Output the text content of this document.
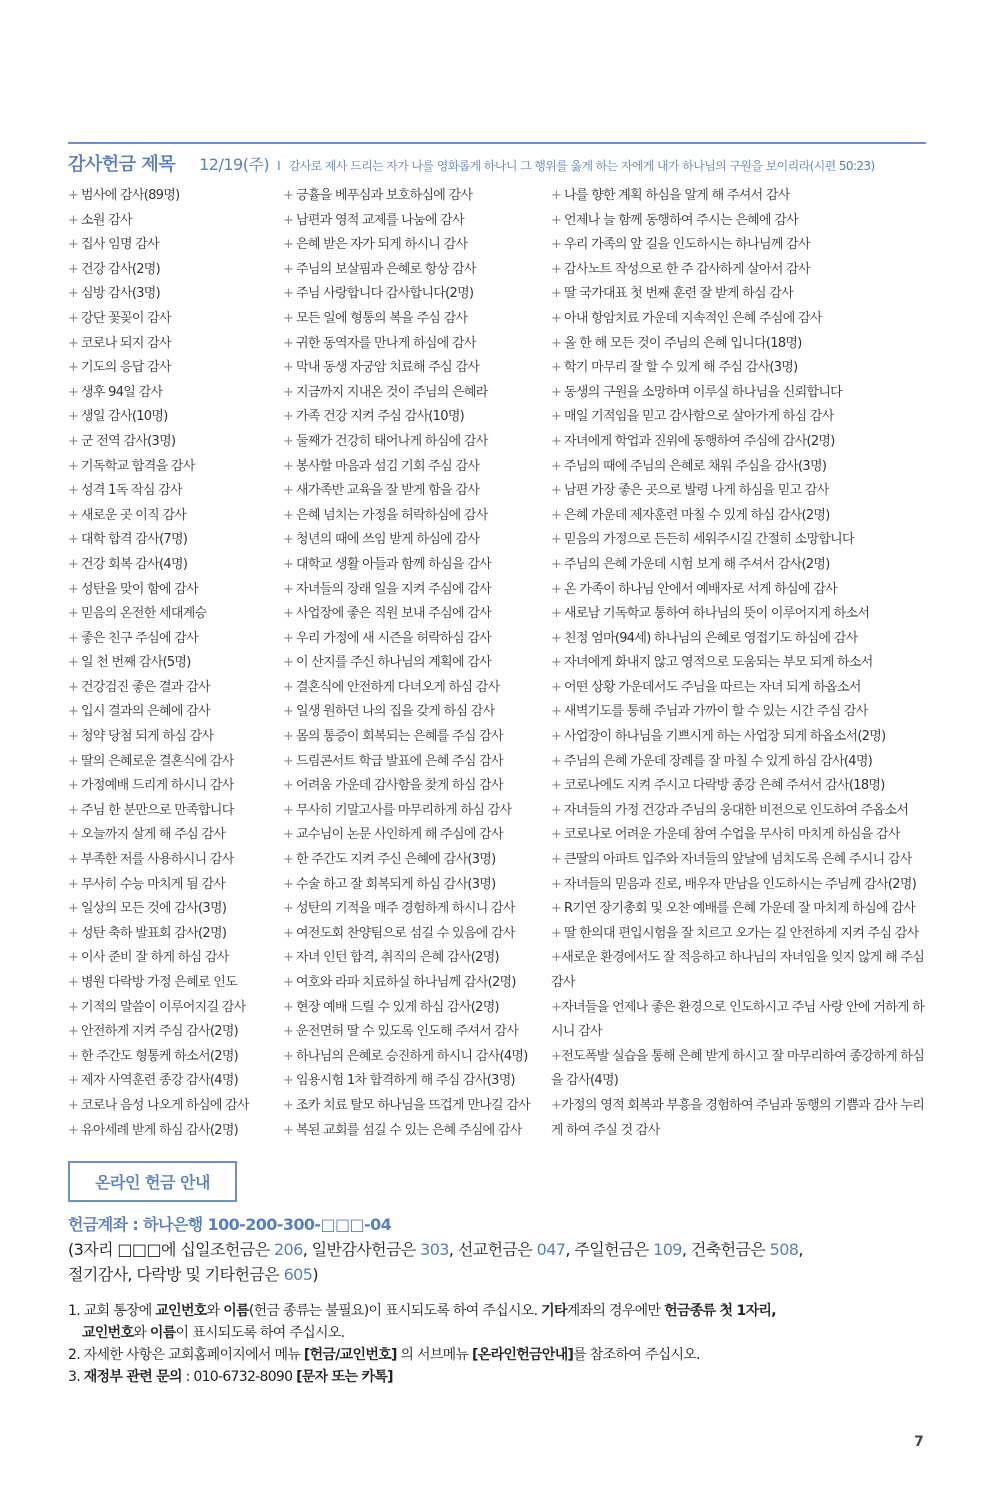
감사헌금 제목 12/19(주) I 감사로 제사 드리는 자가 나를 영화롭게 하나니 그 행위를 옳게 하는 자에게 내가 하나님의 구원을 보이리라(시편 50:23)
+ 범사에 감사(89명)
+ 소원 감사
+ 집사 임명 감사
+ 건강 감사(2명)
+ 심방 감사(3명)
+ 강단 꽃꽂이 감사
+ 코로나 되지 감사
+ 기도의 응답 감사
+ 생후 94일 감사
+ 생일 감사(10명)
+ 군 전역 감사(3명)
+ 기독학교 합격을 감사
+ 성격 1독 작심 감사
+ 새로운 곳 이직 감사
+ 대학 합격 감사(7명)
+ 건강 회복 감사(4명)
+ 성탄을 맞이 함에 감사
+ 믿음의 온전한 세대계승
+ 좋은 친구 주심에 감사
+ 일 천 번째 감사(5명)
+ 건강검진 좋은 결과 감사
+ 입시 결과의 은혜에 감사
+ 청약 당첨 되게 하심 감사
+ 딸의 은혜로운 결혼식에 감사
+ 가정예배 드리게 하시니 감사
+ 주님 한 분만으로 만족합니다
+ 오늘까지 살게 해 주심 감사
+ 부족한 저를 사용하시니 감사
+ 무사히 수능 마치게 됨 감사
+ 일상의 모든 것에 감사(3명)
+ 성탄 축하 발표회 감사(2명)
+ 이사 준비 잘 하게 하심 감사
+ 병원 다락방 가정 은혜로 인도
+ 기적의 말씀이 이루어지길 감사
+ 안전하게 지켜 주심 감사(2명)
+ 한 주간도 형통케 하소서(2명)
+ 제자 사역훈련 종강 감사(4명)
+ 코로나 음성 나오게 하심에 감사
+ 유아세례 받게 하심 감사(2명)
+ 긍휼을 베푸심과 보호하심에 감사
+ 남편과 영적 교제를 나눔에 감사
+ 은혜 받은 자가 되게 하시니 감사
+ 주님의 보살핌과 은혜로 항상 감사
+ 주님 사랑합니다 감사합니다(2명)
+ 모든 일에 형통의 복을 주심 감사
+ 귀한 동역자를 만나게 하심에 감사
+ 막내 동생 자궁암 치료해 주심 감사
+ 지금까지 지내온 것이 주님의 은혜라
+ 가족 건강 지켜 주심 감사(10명)
+ 둘째가 건강히 태어나게 하심에 감사
+ 봉사할 마음과 섬김 기회 주심 감사
+ 새가족반 교육을 잘 받게 함을 감사
+ 은혜 넘치는 가정을 허락하심에 감사
+ 청년의 때에 쓰임 받게 하심에 감사
+ 대학교 생활 아들과 함께 하심을 감사
+ 자녀들의 장래 일을 지켜 주심에 감사
+ 사업장에 좋은 직원 보내 주심에 감사
+ 우리 가정에 새 시즌을 허락하심 감사
+ 이 산지를 주신 하나님의 계획에 감사
+ 결혼식에 안전하게 다녀오게 하심 감사
+ 일생 원하던 나의 집을 갖게 하심 감사
+ 몸의 통증이 회복되는 은혜를 주심 감사
+ 드림콘서트 학급 발표에 은혜 주심 감사
+ 어려움 가운데 감사함을 찾게 하심 감사
+ 무사히 기말고사를 마무리하게 하심 감사
+ 교수님이 논문 사인하게 해 주심에 감사
+ 한 주간도 지켜 주신 은혜에 감사(3명)
+ 수술 하고 잘 회복되게 하심 감사(3명)
+ 성탄의 기적을 매주 경험하게 하시니 감사
+ 여전도회 찬양팀으로 섬길 수 있음에 감사
+ 자녀 인턴 합격, 취직의 은혜 감사(2명)
+ 여호와 라파 치료하실 하나님께 감사(2명)
+ 현장 예배 드릴 수 있게 하심 감사(2명)
+ 운전면허 딸 수 있도록 인도해 주셔서 감사
+ 하나님의 은혜로 승진하게 하시니 감사(4명)
+ 임용시험 1차 합격하게 해 주심 감사(3명)
+ 조카 치료 탈모 하나님을 뜨겁게 만나길 감사
+ 복된 교회를 섬길 수 있는 은혜 주심에 감사
+ 나를 향한 계획 하심을 알게 해 주셔서 감사
+ 언제나 늘 함께 동행하여 주시는 은혜에 감사
+ 우리 가족의 앞 길을 인도하시는 하나님께 감사
+ 감사노트 작성으로 한 주 감사하게 살아서 감사
+ 딸 국가대표 첫 번째 훈련 잘 받게 하심 감사
+ 아내 항암치료 가운데 지속적인 은혜 주심에 감사
+ 올 한 해 모든 것이 주님의 은혜 입니다(18명)
+ 학기 마무리 잘 할 수 있게 해 주심 감사(3명)
+ 동생의 구원을 소망하며 이루실 하나님을 신뢰합니다
+ 매일 기적임을 믿고 감사함으로 살아가게 하심 감사
+ 자녀에게 학업과 진위에 동행하여 주심에 감사(2명)
+ 주님의 때에 주님의 은혜로 채워 주심을 감사(3명)
+ 남편 가장 좋은 곳으로 발령 나게 하심을 믿고 감사
+ 은혜 가운데 제자훈련 마칠 수 있게 하심 감사(2명)
+ 믿음의 가정으로 든든히 세워주시길 간절히 소망합니다
+ 주님의 은혜 가운데 시험 보게 해 주셔서 감사(2명)
+ 온 가족이 하나님 안에서 예배자로 서게 하심에 감사
+ 새로남 기독학교 통하여 하나님의 뜻이 이루어지게 하소서
+ 친정 엄마(94세) 하나님의 은혜로 영접기도 하심에 감사
+ 자녀에게 화내지 않고 영적으로 도움되는 부모 되게 하소서
+ 어떤 상황 가운데서도 주님을 따르는 자녀 되게 하옵소서
+ 새벽기도를 통해 주님과 가까이 할 수 있는 시간 주심 감사
+ 사업장이 하나님을 기쁘시게 하는 사업장 되게 하옵소서(2명)
+ 주님의 은혜 가운데 장례를 잘 마칠 수 있게 하심 감사(4명)
+ 코로나에도 지켜 주시고 다락방 종강 은혜 주셔서 감사(18명)
+ 자녀들의 가정 건강과 주님의 웅대한 비전으로 인도하여 주옵소서
+ 코로나로 어려운 가운데 참여 수업을 무사히 마치게 하심을 감사
+ 큰딸의 아파트 입주와 자녀들의 앞날에 넘치도록 은혜 주시니 감사
+ 자녀들의 믿음과 진로, 배우자 만남을 인도하시는 주님께 감사(2명)
+ R기연 장기총회 및 오찬 예배를 은혜 가운데 잘 마치게 하심에 감사
+ 딸 한의대 편입시험을 잘 치르고 오가는 길 안전하게 지켜 주심 감사
+새로운 환경에서도 잘 적응하고 하나님의 자녀임을 잊지 않게 해 주심 감사
+자녀들을 언제나 좋은 환경으로 인도하시고 주님 사랑 안에 거하게 하시니 감사
+전도폭발 실습을 통해 은혜 받게 하시고 잘 마무리하여 종강하게 하심을 감사(4명)
+가정의 영적 회복과 부흥을 경험하여 주님과 동행의 기쁨과 감사 누리게 하여 주실 것 감사
온라인 헌금 안내
헌금계좌 : 하나은행 100-200-300-□□□-04
(3자리 □□□에 십일조헌금은 206, 일반감사헌금은 303, 선교헌금은 047, 주일헌금은 109, 건축헌금은 508,
절기감사, 다락방 및 기타헌금은 605)

1. 교회 통장에 교인번호와 이름(헌금 종류는 불필요)이 표시되도록 하여 주십시오. 기타계좌의 경우에만 헌금종류 첫 1자리,

교인번호와 이름이 표시되도록 하여 주십시오.

2. 자세한 사항은 교회홈페이지에서 메뉴 [헌금/교인번호] 의 서브메뉴 [온라인헌금안내]를 참조하여 주십시오.

3. 재정부 관련 문의 : 010-6732-8090 [문자 또는 카톡]

7
